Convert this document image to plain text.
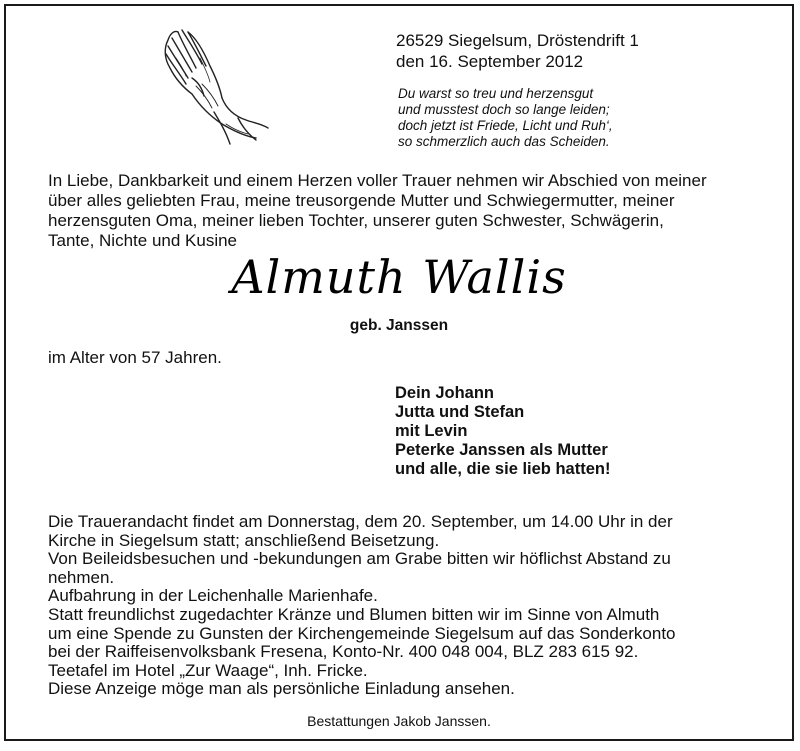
26529 Siegelsum, Dröstendrift 1
den 16. September 2012
Du warst so treu und herzensgut
und musstest doch so lange leiden;
doch jetzt ist Friede, Licht und Ruh‘,
so schmerzlich auch das Scheiden.
In Liebe, Dankbarkeit und einem Herzen voller Trauer nehmen wir Abschied von meiner
über alles geliebten Frau, meine treusorgende Mutter und Schwiegermutter, meiner
herzensguten Oma, meiner lieben Tochter, unserer guten Schwester, Schwägerin,
Tante, Nichte und Kusine
Almuth Wallis
geb. Janssen
im Alter von 57 Jahren.
Dein Johann
Jutta und Stefan
mit Levin
Peterke Janssen als Mutter
und alle, die sie lieb hatten!
Die Trauerandacht findet am Donnerstag, dem 20. September, um 14.00 Uhr in der
Kirche in Siegelsum statt; anschließend Beisetzung.
Von Beileidsbesuchen und -bekundungen am Grabe bitten wir höflichst Abstand zu
nehmen.
Aufbahrung in der Leichenhalle Marienhafe.
Statt freundlichst zugedachter Kränze und Blumen bitten wir im Sinne von Almuth
um eine Spende zu Gunsten der Kirchengemeinde Siegelsum auf das Sonderkonto
bei der Raiffeisenvolksbank Fresena, Konto-Nr. 400 048 004, BLZ 283 615 92.
Teetafel im Hotel „Zur Waage“, Inh. Fricke.
Diese Anzeige möge man als persönliche Einladung ansehen.
Bestattungen Jakob Janssen.
